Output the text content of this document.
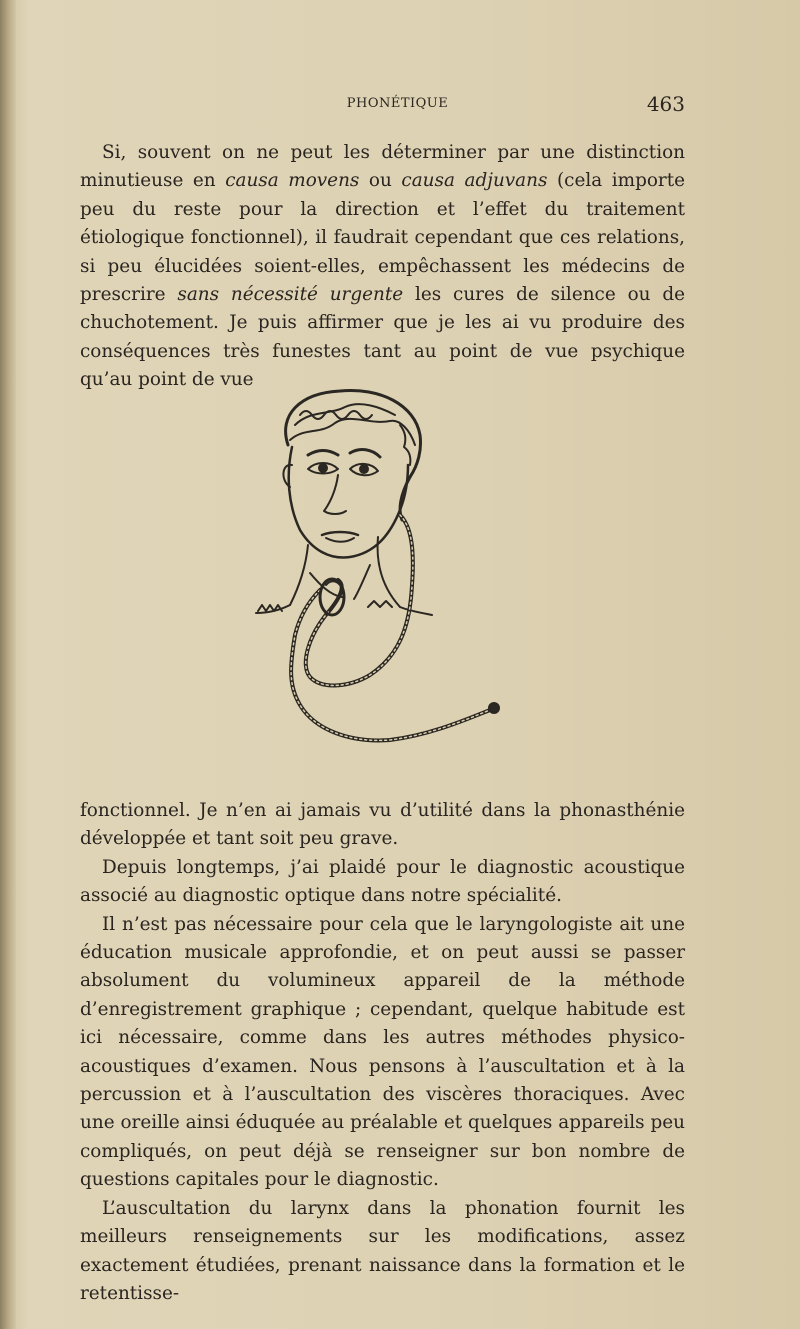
PHONÉTIQUE	463

Si, souvent on ne peut les déterminer par une distinction minutieuse en causa movens ou causa adjuvans (cela importe peu du reste pour la direction et l’effet du traitement étiologique fonctionnel), il faudrait cependant que ces relations, si peu élucidées soient-elles, empêchassent les médecins de prescrire sans nécessité urgente les cures de silence ou de chuchotement. Je puis affirmer que je les ai vu produire des conséquences très funestes tant au point de vue psychique qu’au point de vue

fonctionnel. Je n’en ai jamais vu d’utilité dans la phonasthénie développée et tant soit peu grave.

Depuis longtemps, j’ai plaidé pour le diagnostic acoustique associé au diagnostic optique dans notre spécialité.

Il n’est pas nécessaire pour cela que le laryngologiste ait une éducation musicale approfondie, et on peut aussi se passer absolument du volumineux appareil de la méthode d’enregistrement graphique ; cependant, quelque habitude est ici nécessaire, comme dans les autres méthodes physico-acoustiques d’examen. Nous pensons à l’auscultation et à la percussion et à l’auscultation des viscères thoraciques. Avec une oreille ainsi éduquée au préalable et quelques appareils peu compliqués, on peut déjà se renseigner sur bon nombre de questions capitales pour le diagnostic.

L’auscultation du larynx dans la phonation fournit les meilleurs renseignements sur les modifications, assez exactement étudiées, prenant naissance dans la formation et le retentisse-
